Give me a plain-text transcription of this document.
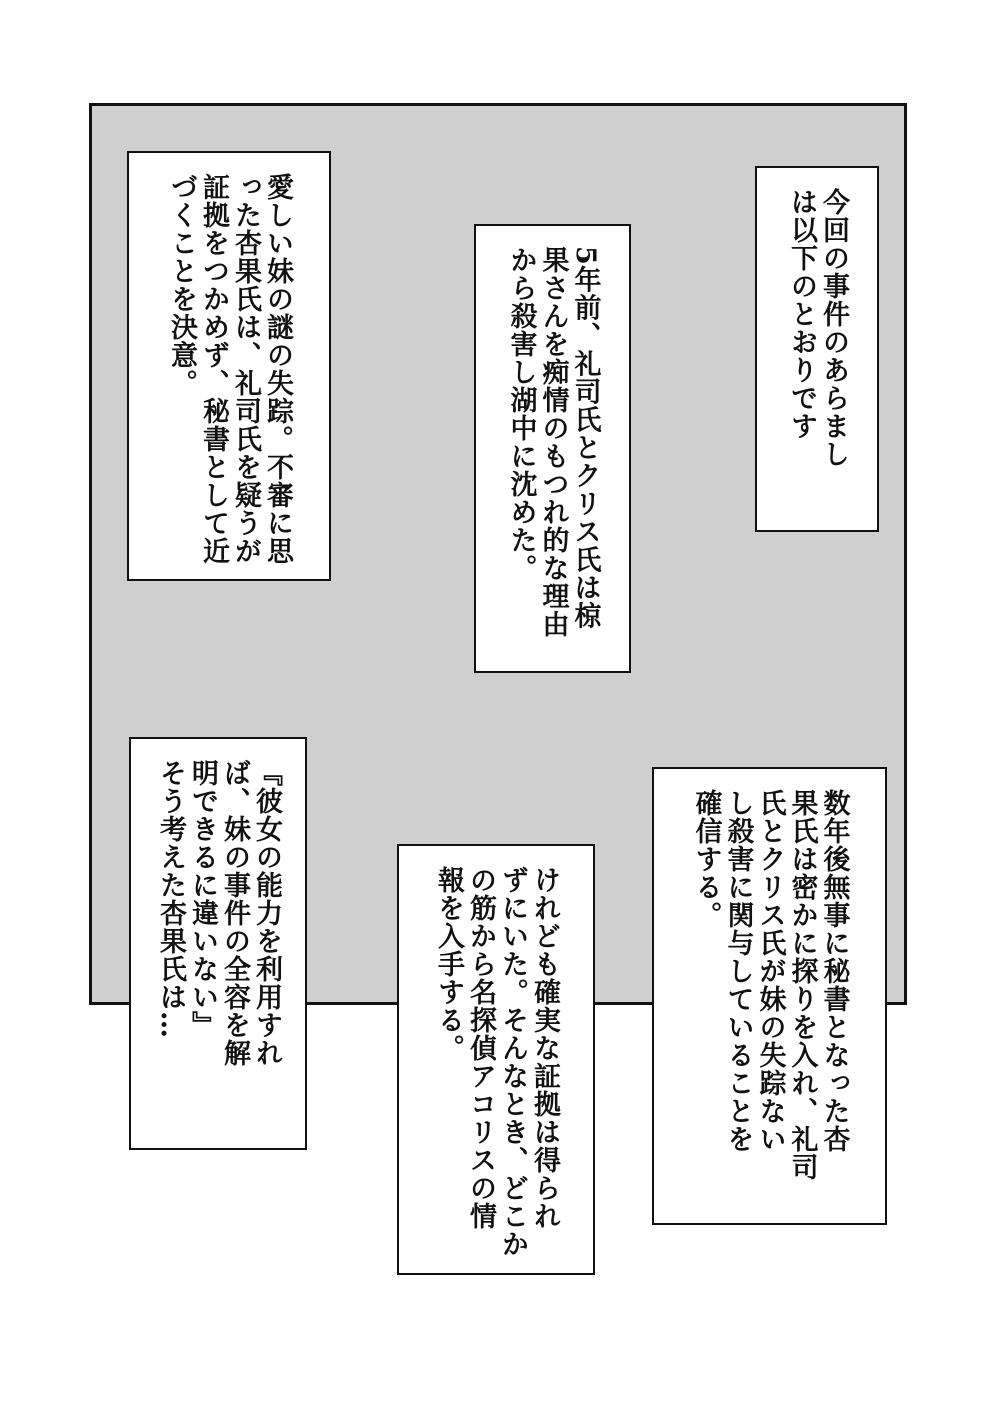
今回の事件のあらまし
は以下のとおりです
5年前、礼司氏とクリス氏は椋
果さんを痴情のもつれ的な理由
から殺害し湖中に沈めた。
愛しい妹の謎の失踪。不審に思
った杏果氏は、礼司氏を疑うが
証拠をつかめず、秘書として近
づくことを決意。
数年後無事に秘書となった杏
果氏は密かに探りを入れ、礼司
氏とクリス氏が妹の失踪ない
し殺害に関与していることを
確信する。
けれども確実な証拠は得られ
ずにいた。そんなとき、どこか
の筋から名探偵アコリスの情
報を入手する。
『彼女の能力を利用すれ
ば、妹の事件の全容を解
明できるに違いない』
そう考えた杏果氏は…
